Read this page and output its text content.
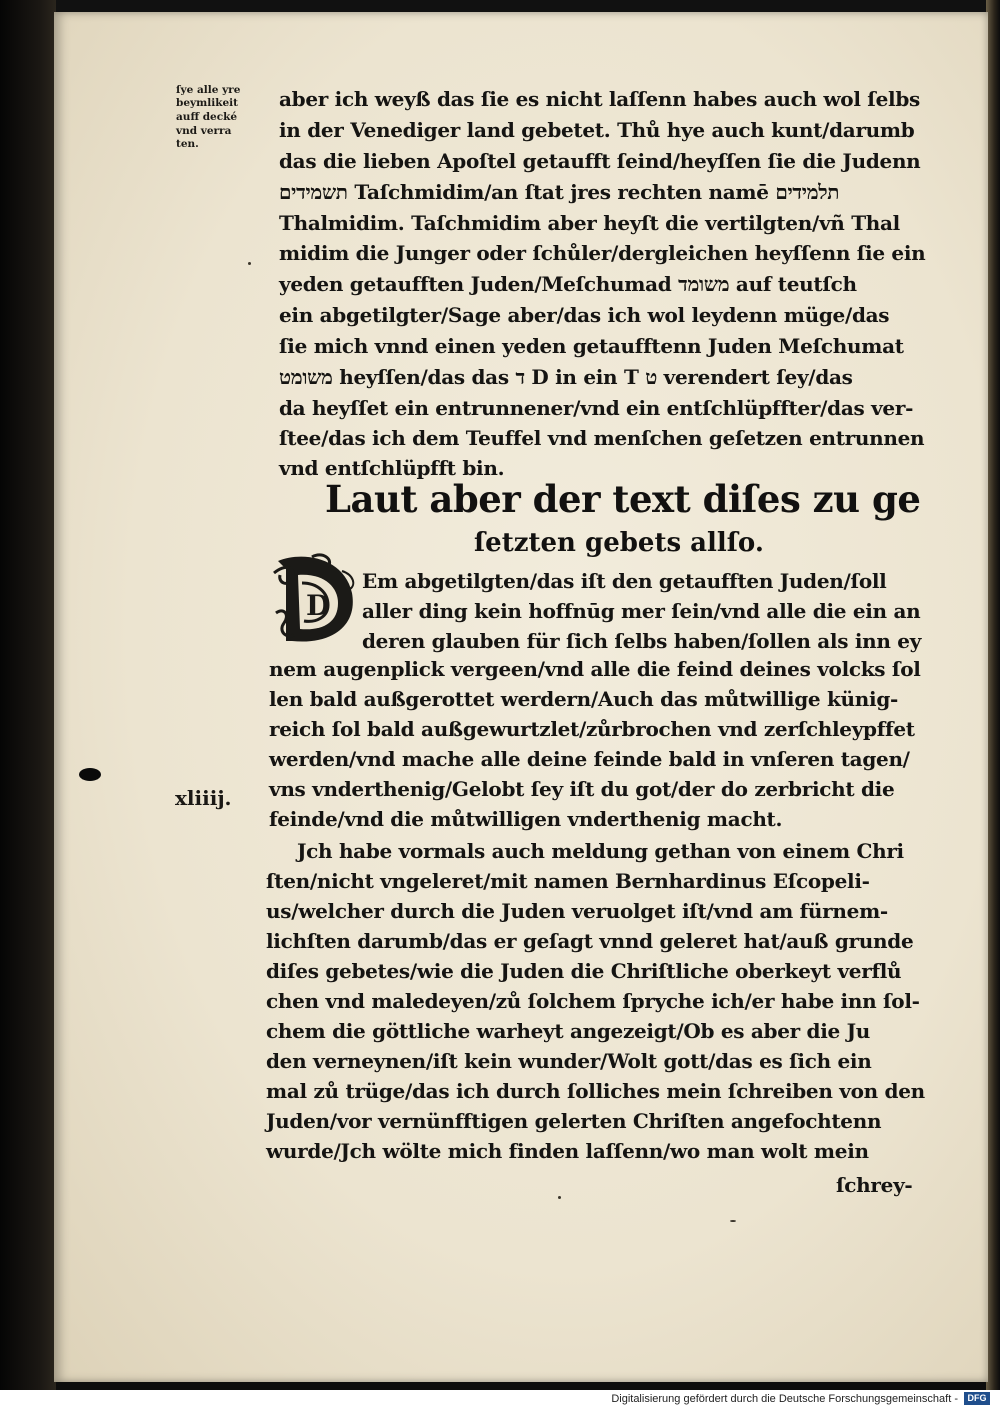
ſye alle yre
beymlikeit
auff decké
vnd verra
ten.
aber ich weyß das ſie es nicht laſſenn habes auch wol ſelbs
in der Venediger land gebetet. Thů hye auch kunt/darumb
das die lieben Apoſtel getaufft ſeind/heyſſen ſie die Judenn
תשמידים Taſchmidim/an ſtat jres rechten namē תלמידים
Thalmidim. Taſchmidim aber heyſt die vertilgten/vñ Thal
midim die Junger oder ſchůler/dergleichen heyſſenn ſie ein
yeden getaufften Juden/Meſchumad משומד auf teutſch
ein abgetilgter/Sage aber/das ich wol leydenn müge/das
ſie mich vnnd einen yeden getaufftenn Juden Meſchumat
משומט heyſſen/das das ד D in ein T ט verendert ſey/das
da heyſſet ein entrunnener/vnd ein entſchlüpffter/das ver-
ſtee/das ich dem Teuffel vnd menſchen geſetzen entrunnen
vnd entſchlüpfft bin.
Laut aber der text diſes zu ge
ſetzten gebets allſo.
D
Em abgetilgten/das iſt den getaufften Juden/ſoll
aller ding kein hoffnūg mer ſein/vnd alle die ein an
deren glauben für ſich ſelbs haben/ſollen als inn ey
nem augenplick vergeen/vnd alle die feind deines volcks ſol
len bald außgerottet werdern/Auch das můtwillige künig-
reich ſol bald außgewurtzlet/zůrbrochen vnd zerſchleypffet
werden/vnd mache alle deine feinde bald in vnſeren tagen/
vns vnderthenig/Gelobt ſey iſt du got/der do zerbricht die
feinde/vnd die můtwilligen vnderthenig macht.
Jch habe vormals auch meldung gethan von einem Chri
ſten/nicht vngeleret/mit namen Bernhardinus Eſcopeli-
us/welcher durch die Juden veruolget iſt/vnd am fürnem-
lichſten darumb/das er geſagt vnnd geleret hat/auß grunde
diſes gebetes/wie die Juden die Chriſtliche oberkeyt verflů
chen vnd maledeyen/zů ſolchem ſpryche ich/er habe inn ſol-
chem die göttliche warheyt angezeigt/Ob es aber die Ju
den verneynen/iſt kein wunder/Wolt gott/das es ſich ein
mal zů trüge/das ich durch ſolliches mein ſchreiben von den
Juden/vor vernünfftigen gelerten Chriſten angefochtenn
wurde/Jch wölte mich finden laſſenn/wo man wolt mein
ſchrey-
xliiij.
Digitalisierung gefördert durch die Deutsche Forschungsgemeinschaft -	DFG
